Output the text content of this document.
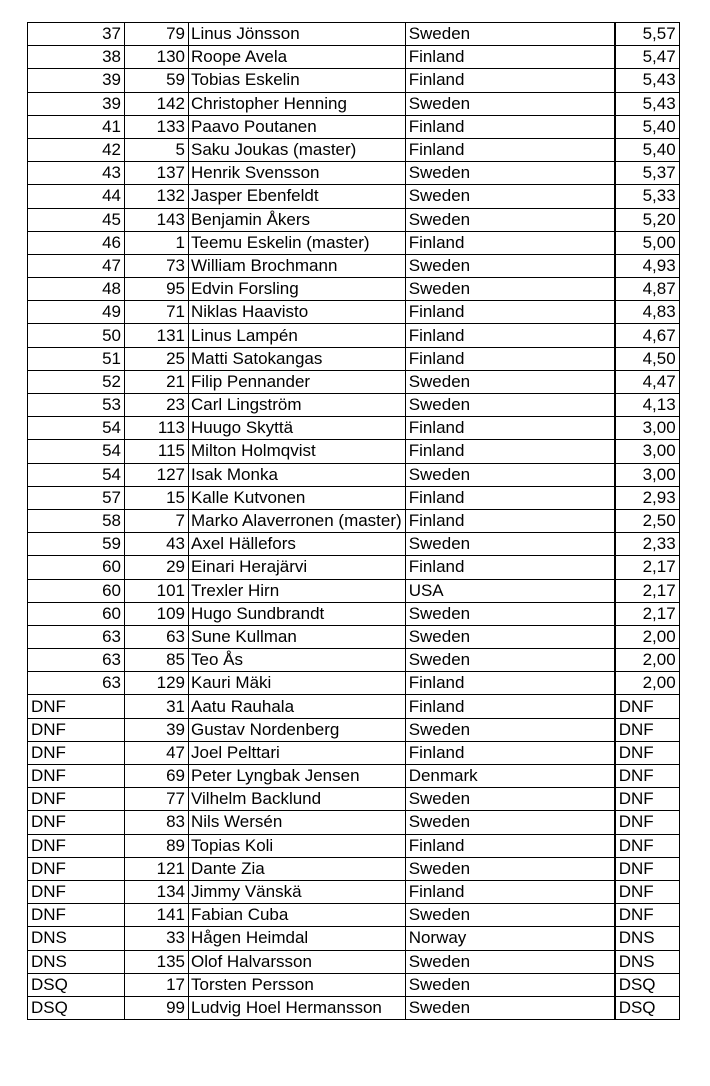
37	79	Linus Jönsson	Sweden		5,57
38	130	Roope Avela	Finland		5,47
39	59	Tobias Eskelin	Finland		5,43
39	142	Christopher Henning	Sweden		5,43
41	133	Paavo Poutanen	Finland		5,40
42	5	Saku Joukas (master)	Finland		5,40
43	137	Henrik Svensson	Sweden		5,37
44	132	Jasper Ebenfeldt	Sweden		5,33
45	143	Benjamin Åkers	Sweden		5,20
46	1	Teemu Eskelin (master)	Finland		5,00
47	73	William Brochmann	Sweden		4,93
48	95	Edvin Forsling	Sweden		4,87
49	71	Niklas Haavisto	Finland		4,83
50	131	Linus Lampén	Finland		4,67
51	25	Matti Satokangas	Finland		4,50
52	21	Filip Pennander	Sweden		4,47
53	23	Carl Lingström	Sweden		4,13
54	113	Huugo Skyttä	Finland		3,00
54	115	Milton Holmqvist	Finland		3,00
54	127	Isak Monka	Sweden		3,00
57	15	Kalle Kutvonen	Finland		2,93
58	7	Marko Alaverronen (master)	Finland		2,50
59	43	Axel Hällefors	Sweden		2,33
60	29	Einari Herajärvi	Finland		2,17
60	101	Trexler Hirn	USA		2,17
60	109	Hugo Sundbrandt	Sweden		2,17
63	63	Sune Kullman	Sweden		2,00
63	85	Teo Ås	Sweden		2,00
63	129	Kauri Mäki	Finland		2,00
DNF	31	Aatu Rauhala	Finland		DNF
DNF	39	Gustav Nordenberg	Sweden		DNF
DNF	47	Joel Pelttari	Finland		DNF
DNF	69	Peter Lyngbak Jensen	Denmark		DNF
DNF	77	Vilhelm Backlund	Sweden		DNF
DNF	83	Nils Wersén	Sweden		DNF
DNF	89	Topias Koli	Finland		DNF
DNF	121	Dante Zia	Sweden		DNF
DNF	134	Jimmy Vänskä	Finland		DNF
DNF	141	Fabian Cuba	Sweden		DNF
DNS	33	Hågen Heimdal	Norway		DNS
DNS	135	Olof Halvarsson	Sweden		DNS
DSQ	17	Torsten Persson	Sweden		DSQ
DSQ	99	Ludvig Hoel Hermansson	Sweden		DSQ
